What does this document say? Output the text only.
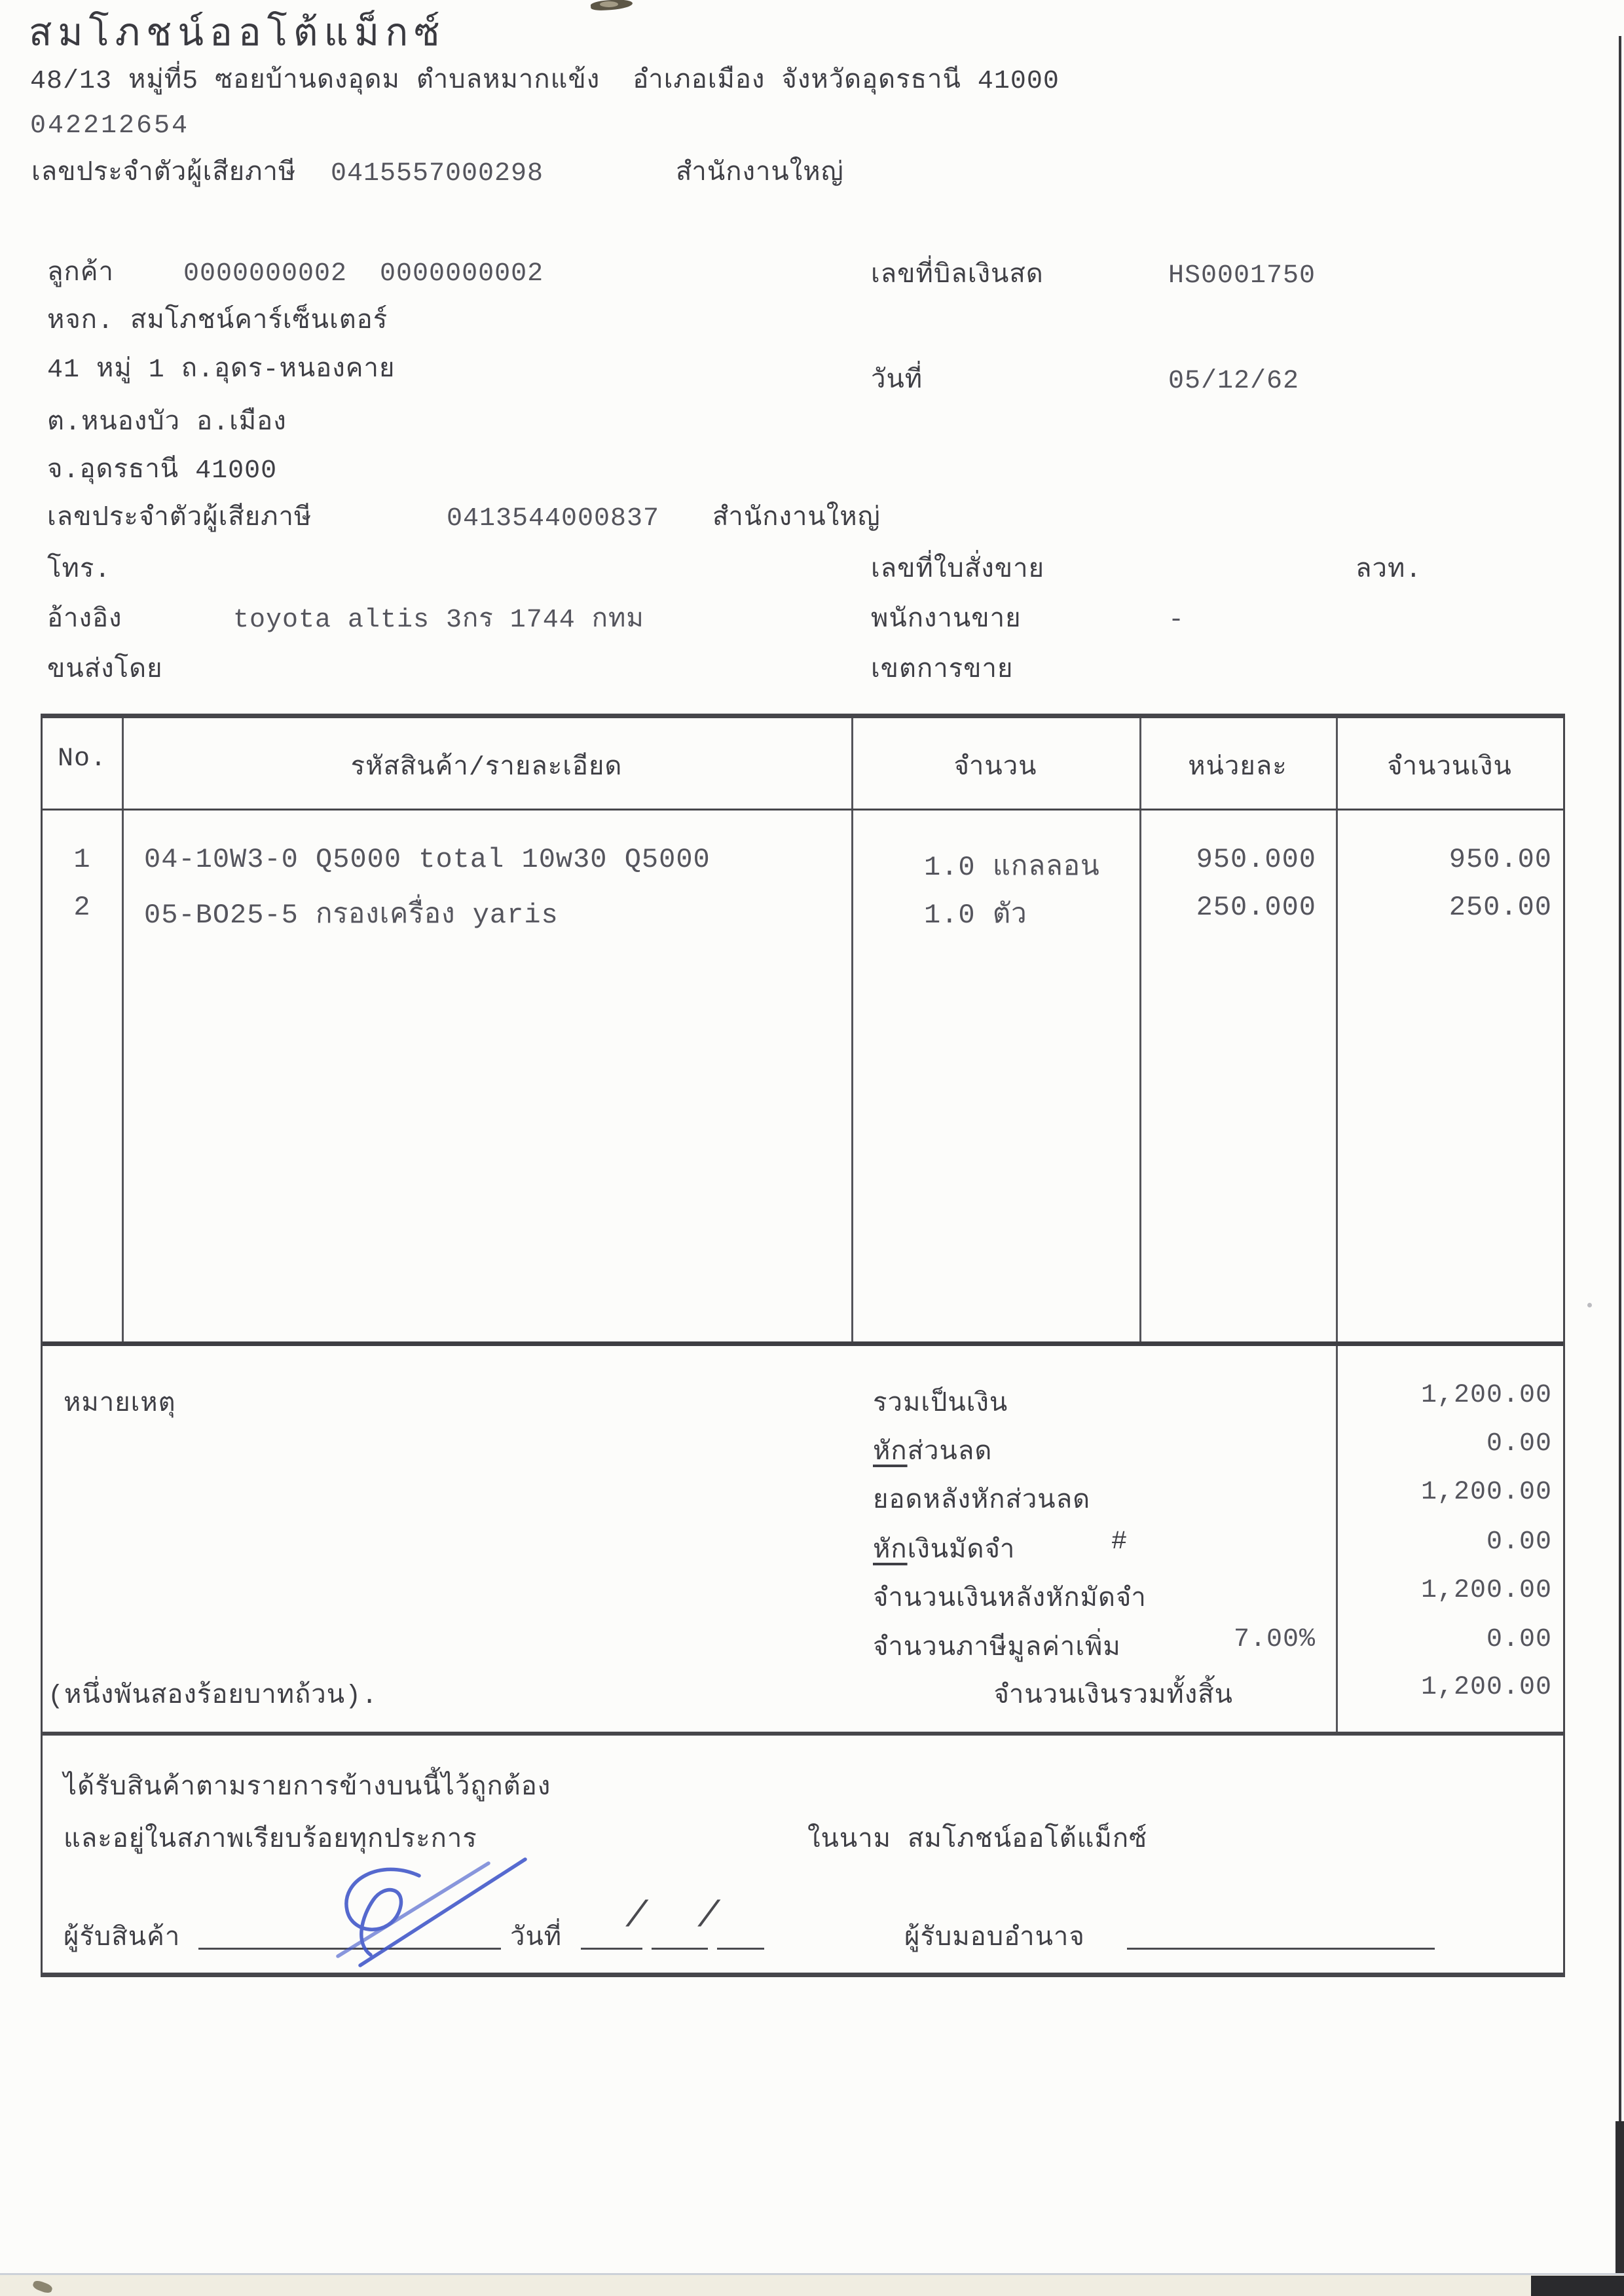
สมโภชน์ออโต้แม็กซ์
48/13 หมู่ที่5 ซอยบ้านดงอุดม ตำบลหมากแข้ง  อำเภอเมือง จังหวัดอุดรธานี 41000
042212654
เลขประจำตัวผู้เสียภาษี 0415557000298	สำนักงานใหญ่
ลูกค้า	0000000002  0000000002
หจก. สมโภชน์คาร์เซ็นเตอร์
41 หมู่ 1 ถ.อุดร-หนองคาย
ต.หนองบัว อ.เมือง
จ.อุดรธานี 41000
เลขประจำตัวผู้เสียภาษี	0413544000837 สำนักงานใหญ่
โทร.
อ้างอิง	toyota altis 3กร 1744 กทม
ขนส่งโดย
เลขที่บิลเงินสด	HS0001750
วันที่	05/12/62
เลขที่ใบสั่งขาย	ลวท.
พนักงานขาย	-
เขตการขาย
No.	รหัสสินค้า/รายละเอียด	จำนวน	หน่วยละ	จำนวนเงิน
1	04-10W3-0 Q5000 total 10w30 Q5000	1.0 แกลลอน	950.000	950.00
2	05-BO25-5 กรองเครื่อง yaris	1.0 ตัว	250.000	250.00
หมายเหตุ	รวมเป็นเงิน	1,200.00
หักส่วนลด	0.00
ยอดหลังหักส่วนลด	1,200.00
หักเงินมัดจำ	#	0.00
จำนวนเงินหลังหักมัดจำ	1,200.00
จำนวนภาษีมูลค่าเพิ่ม	7.00%	0.00
(หนึ่งพันสองร้อยบาทถ้วน).	จำนวนเงินรวมทั้งสิ้น	1,200.00
ได้รับสินค้าตามรายการข้างบนนี้ไว้ถูกต้อง
และอยู่ในสภาพเรียบร้อยทุกประการ	ในนาม สมโภชน์ออโต้แม็กซ์
ผู้รับสินค้า	วันที่
/ /
ผู้รับมอบอำนาจ
